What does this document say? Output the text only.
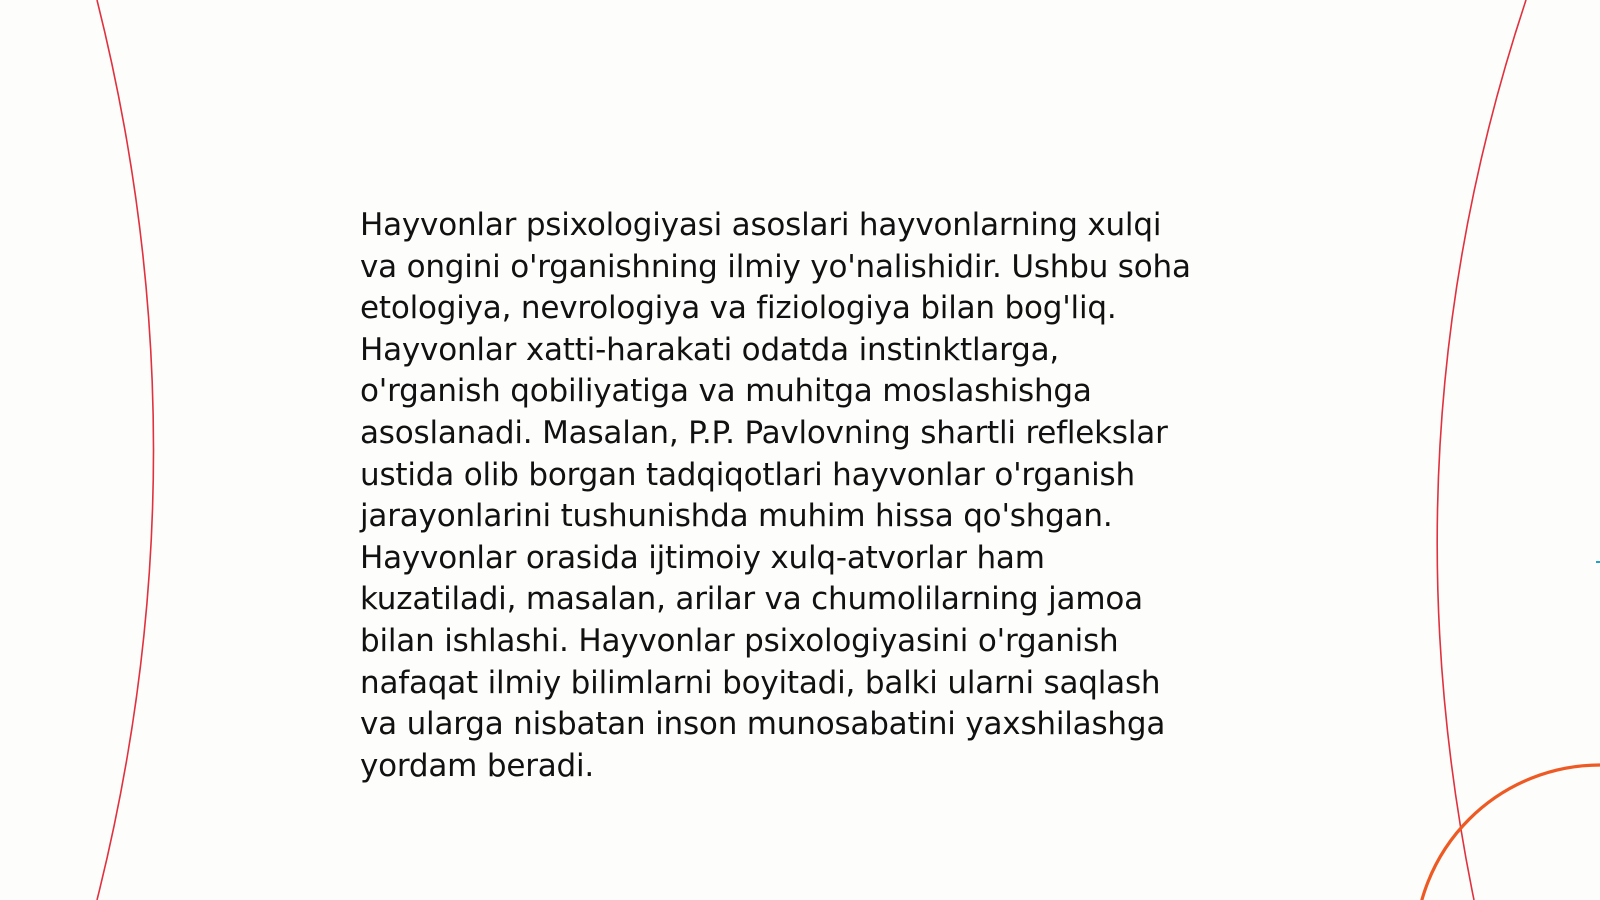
Hayvonlar psixologiyasi asoslari hayvonlarning xulqi
va ongini o'rganishning ilmiy yo'nalishidir. Ushbu soha
etologiya, nevrologiya va fiziologiya bilan bog'liq.
Hayvonlar xatti-harakati odatda instinktlarga,
o'rganish qobiliyatiga va muhitga moslashishga
asoslanadi. Masalan, P.P. Pavlovning shartli reflekslar
ustida olib borgan tadqiqotlari hayvonlar o'rganish
jarayonlarini tushunishda muhim hissa qo'shgan.
Hayvonlar orasida ijtimoiy xulq-atvorlar ham
kuzatiladi, masalan, arilar va chumolilarning jamoa
bilan ishlashi. Hayvonlar psixologiyasini o'rganish
nafaqat ilmiy bilimlarni boyitadi, balki ularni saqlash
va ularga nisbatan inson munosabatini yaxshilashga
yordam beradi.
